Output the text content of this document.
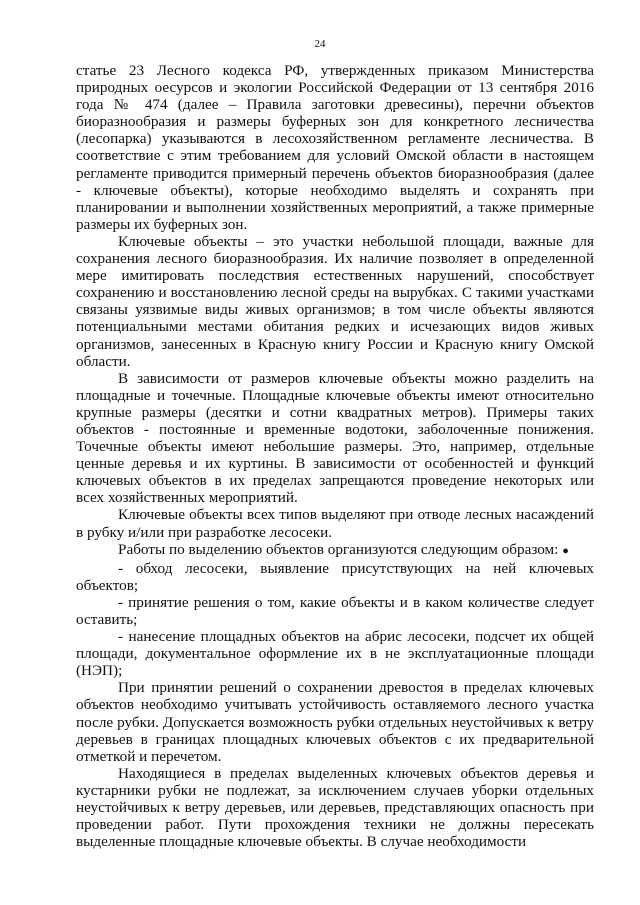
24

статье 23 Лесного кодекса РФ, утвержденных приказом Министерства природных оесурсов и экологии Российской Федерации от 13 сентября 2016 года № 474 (далее – Правила заготовки древесины), перечни объектов биоразнообразия и размеры буферных зон для конкретного лесничества (лесопарка) указываются в лесохозяйственном регламенте лесничества. В соответствие с этим требованием для условий Омской области в настоящем регламенте приводится примерный перечень объектов биоразнообразия (далее - ключевые объекты), которые необходимо выделять и сохранять при планировании и выполнении хозяйственных мероприятий, а также примерные размеры их буферных зон.

Ключевые объекты – это участки небольшой площади, важные для сохранения лесного биоразнообразия. Их наличие позволяет в определенной мере имитировать последствия естественных нарушений, способствует сохранению и восстановлению лесной среды на вырубках. С такими участками связаны уязвимые виды живых организмов; в том числе объекты являются потенциальными местами обитания редких и исчезающих видов живых организмов, занесенных в Красную книгу России и Красную книгу Омской области.

В зависимости от размеров ключевые объекты можно разделить на площадные и точечные. Площадные ключевые объекты имеют относительно крупные размеры (десятки и сотни квадратных метров). Примеры таких объектов - постоянные и временные водотоки, заболоченные понижения. Точечные объекты имеют небольшие размеры. Это, например, отдельные ценные деревья и их куртины. В зависимости от особенностей и функций ключевых объектов в их пределах запрещаются проведение некоторых или всех хозяйственных мероприятий.

Ключевые объекты всех типов выделяют при отводе лесных насаждений в рубку и/или при разработке лесосеки.

Работы по выделению объектов организуются следующим образом: ●

- обход лесосеки, выявление присутствующих на ней ключевых объектов;

- принятие решения о том, какие объекты и в каком количестве следует оставить;

- нанесение площадных объектов на абрис лесосеки, подсчет их общей площади, документальное оформление их в не эксплуатационные площади (НЭП);

При принятии решений о сохранении древостоя в пределах ключевых объектов необходимо учитывать устойчивость оставляемого лесного участка после рубки. Допускается возможность рубки отдельных неустойчивых к ветру деревьев в границах площадных ключевых объектов с их предварительной отметкой и перечетом.

Находящиеся в пределах выделенных ключевых объектов деревья и кустарники рубки не подлежат, за исключением случаев уборки отдельных неустойчивых к ветру деревьев, или деревьев, представляющих опасность при проведении работ. Пути прохождения техники не должны пересекать выделенные площадные ключевые объекты. В случае необходимости
